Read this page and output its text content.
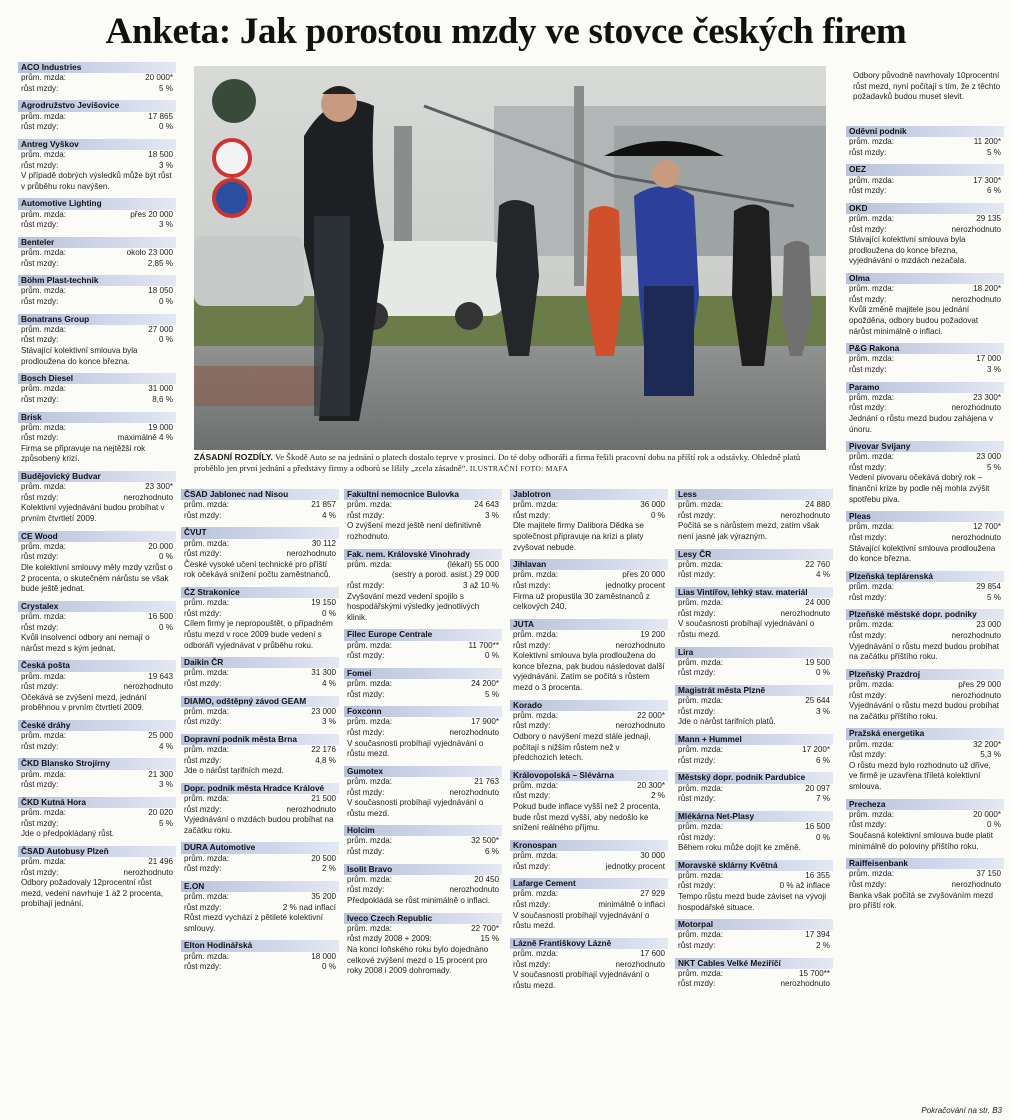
Anketa: Jak porostou mzdy ve stovce českých firem
ACO Industries
prům. mzda:	20 000*
růst mzdy:	5 %
Agrodružstvo Jevišovice
prům. mzda:	17 865
růst mzdy:	0 %
Antreg Vyškov
prům. mzda:	18 500
růst mzdy:	3 %
V případě dobrých výsledků může být růst v průběhu roku navýšen.
Automotive Lighting
prům. mzda:	přes 20 000
růst mzdy:	3 %
Benteler
prům. mzda:	okolo 23 000
růst mzdy:	2,85 %
Böhm Plast-technik
prům. mzda:	18 050
růst mzdy:	0 %
Bonatrans Group
prům. mzda:	27 000
růst mzdy:	0 %
Stávající kolektivní smlouva byla prodloužena do konce března.
Bosch Diesel
prům. mzda:	31 000
růst mzdy:	8,6 %
Brisk
prům. mzda:	19 000
růst mzdy:	maximálně 4 %
Firma se připravuje na nejtěžší rok způsobený krizí.
Budějovický Budvar
prům. mzda:	23 300*
růst mzdy:	nerozhodnuto
Kolektivní vyjednávání budou probíhat v prvním čtvrtletí 2009.
CE Wood
prům. mzda:	20 000
růst mzdy:	0 %
Dle kolektivní smlouvy měly mzdy vzrůst o 2 procenta, o skutečném nárůstu se však bude ještě jednat.
Crystalex
prům. mzda:	16 500
růst mzdy:	0 %
Kvůli insolvenci odbory ani nemají o nárůst mezd s kým jednat.
Česká pošta
prům. mzda:	19 643
růst mzdy:	nerozhodnuto
Očekává se zvýšení mezd, jednání proběhnou v prvním čtvrtletí 2009.
České dráhy
prům. mzda:	25 000
růst mzdy:	4 %
ČKD Blansko Strojírny
prům. mzda:	21 300
růst mzdy:	3 %
ČKD Kutná Hora
prům. mzda:	20 020
růst mzdy:	5 %
Jde o předpokládaný růst.
ČSAD Autobusy Plzeň
prům. mzda:	21 496
růst mzdy:	nerozhodnuto
Odbory požadovaly 12procentní růst mezd, vedení navrhuje 1 až 2 procenta, probíhají jednání.
ČSAD Jablonec nad Nisou
prům. mzda:	21 857
růst mzdy:	4 %
ČVUT
prům. mzda:	30 112
růst mzdy:	nerozhodnuto
České vysoké učení technické pro příští rok očekává snížení počtu zaměstnanců.
ČZ Strakonice
prům. mzda:	19 150
růst mzdy:	0 %
Cílem firmy je nepropouštět, o případném růstu mezd v roce 2009 bude vedení s odboráři vyjednávat v průběhu roku.
Daikin ČR
prům. mzda:	31 300
růst mzdy:	4 %
DIAMO, odštěpný závod GEAM
prům. mzda:	23 000
růst mzdy:	3 %
Dopravní podnik města Brna
prům. mzda:	22 176
růst mzdy:	4,8 %
Jde o nárůst tarifních mezd.
Dopr. podnik města Hradce Králové
prům. mzda:	21 500
růst mzdy:	nerozhodnuto
Vyjednávání o mzdách budou probíhat na začátku roku.
DURA Automotive
prům. mzda:	20 500
růst mzdy:	2 %
E.ON
prům. mzda:	35 200
růst mzdy:	2 % nad inflací
Růst mezd vychází z pětileté kolektivní smlouvy.
Elton Hodinářská
prům. mzda:	18 000
růst mzdy:	0 %
Fakultní nemocnice Bulovka
prům. mzda:	24 643
růst mzdy:	3 %
O zvýšení mezd ještě není definitivně rozhodnuto.
Fak. nem. Královské Vinohrady
prům. mzda:	(lékaři) 55 000
(sestry a porod. asist.) 29 000
růst mzdy:	3 až 10 %
Zvyšování mezd vedení spojilo s hospodářskými výsledky jednotlivých klinik.
Filec Europe Centrale
prům. mzda:	11 700**
růst mzdy:	0 %
Fomei
prům. mzda:	24 200*
růst mzdy:	5 %
Foxconn
prům. mzda:	17 900*
růst mzdy:	nerozhodnuto
V současnosti probíhají vyjednávání o růstu mezd.
Gumotex
prům. mzda:	21 763
růst mzdy:	nerozhodnuto
V současnosti probíhají vyjednávání o růstu mezd.
Holcim
prům. mzda:	32 500*
růst mzdy:	6 %
Isolit Bravo
prům. mzda:	20 450
růst mzdy:	nerozhodnuto
Předpokládá se růst minimálně o inflaci.
Iveco Czech Republic
prům. mzda:	22 700*
růst mzdy 2008 + 2009:	15 %
Na konci loňského roku bylo dojednáno celkové zvýšení mezd o 15 procent pro roky 2008 i 2009 dohromady.
Jablotron
prům. mzda:	36 000
růst mzdy:	0 %
Dle majitele firmy Dalibora Dědka se společnost připravuje na krizi a platy zvyšovat nebude.
Jihlavan
prům. mzda:	přes 20 000
růst mzdy:	jednotky procent
Firma už propustila 30 zaměstnanců z celkových 240.
JUTA
prům. mzda:	19 200
růst mzdy:	nerozhodnuto
Kolektivní smlouva byla prodloužena do konce března, pak budou následovat další vyjednávání. Zatím se počítá s růstem mezd o 3 procenta.
Korado
prům. mzda:	22 000*
růst mzdy:	nerozhodnuto
Odbory o navýšení mezd stále jednají, počítají s nižším růstem než v předchozích letech.
Královopolská – Slévárna
prům. mzda:	20 300*
růst mzdy:	2 %
Pokud bude inflace vyšší než 2 procenta, bude růst mezd vyšší, aby nedošlo ke snížení reálného příjmu.
Kronospan
prům. mzda:	30 000
růst mzdy:	jednotky procent
Lafarge Cement
prům. mzda:	27 929
růst mzdy:	minimálně o inflaci
V současnosti probíhají vyjednávání o růstu mezd.
Lázně Františkovy Lázně
prům. mzda:	17 600
růst mzdy:	nerozhodnuto
V současnosti probíhají vyjednávání o růstu mezd.
Less
prům. mzda:	24 880
růst mzdy:	nerozhodnuto
Počítá se s nárůstem mezd, zatím však není jasné jak výrazným.
Lesy ČR
prům. mzda:	22 760
růst mzdy:	4 %
Lias Vintířov, lehký stav. materiál
prům. mzda:	24 000
růst mzdy:	nerozhodnuto
V současnosti probíhají vyjednávání o růstu mezd.
Lira
prům. mzda:	19 500
růst mzdy:	0 %
Magistrát města Plzně
prům. mzda:	25 644
růst mzdy:	3 %
Jde o nárůst tarifních platů.
Mann + Hummel
prům. mzda:	17 200*
růst mzdy:	6 %
Městský dopr. podnik Pardubice
prům. mzda:	20 097
růst mzdy:	7 %
Mlékárna Net-Plasy
prům. mzda:	16 500
růst mzdy:	0 %
Během roku může dojít ke změně.
Moravské sklárny Květná
prům. mzda:	16 355
růst mzdy:	0 % až inflace
Tempo růstu mezd bude záviset na vývoji hospodářské situace.
Motorpal
prům. mzda:	17 394
růst mzdy:	2 %
NKT Cables Velké Meziříčí
prům. mzda:	15 700**
růst mzdy:	nerozhodnuto
Oděvní podnik
prům. mzda:	11 200*
růst mzdy:	5 %
OEZ
prům. mzda:	17 300*
růst mzdy:	6 %
OKD
prům. mzda:	29 135
růst mzdy:	nerozhodnuto
Stávající kolektivní smlouva byla prodloužena do konce března, vyjednávání o mzdách nezačala.
Olma
prům. mzda:	18 200*
růst mzdy:	nerozhodnuto
Kvůli změně majitele jsou jednání opožděna, odbory budou požadovat nárůst minimálně o inflaci.
P&G Rakona
prům. mzda:	17 000
růst mzdy:	3 %
Paramo
prům. mzda:	23 300*
růst mzdy:	nerozhodnuto
Jednání o růstu mezd budou zahájena v únoru.
Pivovar Svijany
prům. mzda:	23 000
růst mzdy:	5 %
Vedení pivovaru očekává dobrý rok – finanční krize by podle něj mohla zvýšit spotřebu piva.
Pleas
prům. mzda:	12 700*
růst mzdy:	nerozhodnuto
Stávající kolektivní smlouva prodloužena do konce března.
Plzeňská teplárenská
prům. mzda:	29 854
růst mzdy:	5 %
Plzeňské městské dopr. podniky
prům. mzda:	23 000
růst mzdy:	nerozhodnuto
Vyjednávání o růstu mezd budou probíhat na začátku příštího roku.
Plzeňský Prazdroj
prům. mzda:	přes 29 000
růst mzdy:	nerozhodnuto
Vyjednávání o růstu mezd budou probíhat na začátku příštího roku.
Pražská energetika
prům. mzda:	32 200*
růst mzdy:	5,3 %
O růstu mezd bylo rozhodnuto už dříve, ve firmě je uzavřena tříletá kolektivní smlouva.
Precheza
prům. mzda:	20 000*
růst mzdy:	0 %
Současná kolektivní smlouva bude platit minimálně do poloviny příštího roku.
Raiffeisenbank
prům. mzda:	37 150
růst mzdy:	nerozhodnuto
Banka však počítá se zvyšováním mezd pro příští rok.
Odbory původně navrhovaly 10procentní růst mezd, nyní počítají s tím, že z těchto požadavků budou muset slevit.
ZÁSADNÍ ROZDÍLY. Ve Škodě Auto se na jednání o platech dostalo teprve v prosinci. Do té doby odboráři a firma řešili pracovní dobu na příští rok a odstávky. Ohledně platů proběhlo jen první jednání a představy firmy a odborů se lišily „zcela zásadně“. ILUSTRAČNÍ FOTO: MAFA
Pokračování na str. B3
